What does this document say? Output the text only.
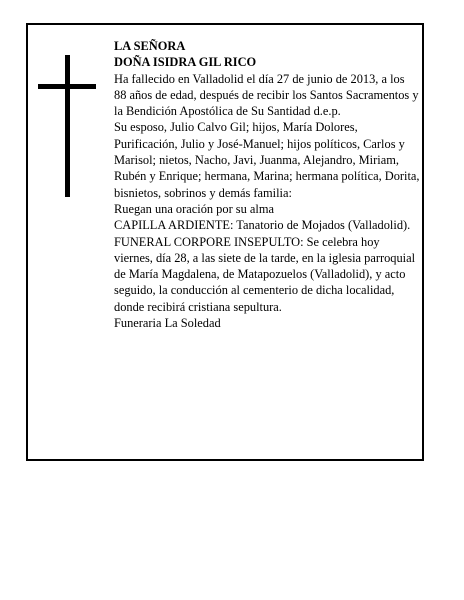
LA SEÑORA

DOÑA ISIDRA GIL RICO

Ha fallecido en Valladolid el día 27 de junio de 2013, a los 88 años de edad, después de recibir los Santos Sacramentos y la Bendición Apostólica de Su Santidad d.e.p.

Su esposo, Julio Calvo Gil; hijos, María Dolores, Purificación, Julio y José-Manuel; hijos políticos, Carlos y Marisol; nietos, Nacho, Javi, Juanma, Alejandro, Miriam, Rubén y Enrique; hermana, Marina; hermana política, Dorita, bisnietos, sobrinos y demás familia:

Ruegan una oración por su alma

CAPILLA ARDIENTE: Tanatorio de Mojados (Valladolid).

FUNERAL CORPORE INSEPULTO: Se celebra hoy viernes, día 28, a las siete de la tarde, en la iglesia parroquial de María Magdalena, de Matapozuelos (Valladolid), y acto seguido, la conducción al cementerio de dicha localidad, donde recibirá cristiana sepultura.

Funeraria La Soledad
